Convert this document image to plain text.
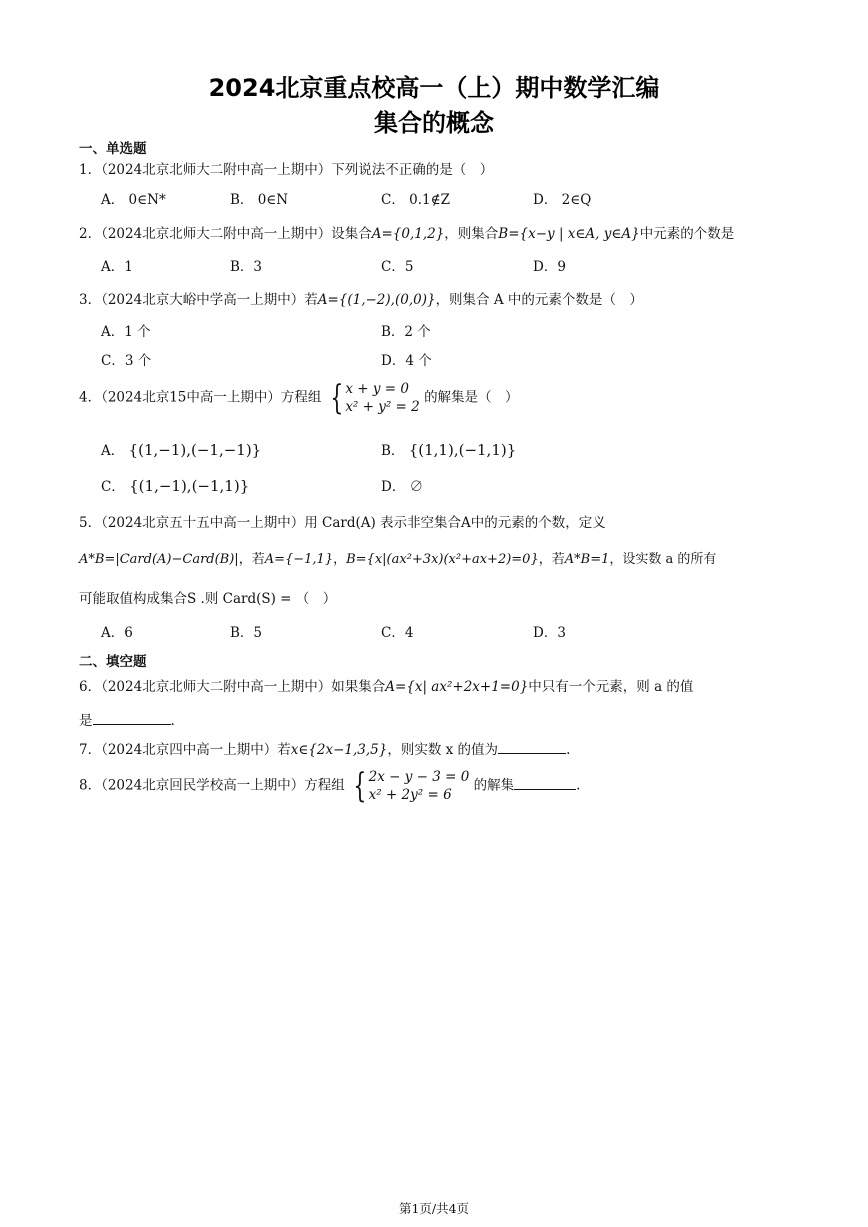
2024北京重点校高一（上）期中数学汇编
集合的概念
一、单选题
1．（2024北京北师大二附中高一上期中）下列说法不正确的是（　）
A． 0∈N*	B． 0∈N	C． 0.1∉Z	D． 2∈Q
2．（2024北京北师大二附中高一上期中）设集合A={0,1,2}，则集合B={x−y | x∈A, y∈A}中元素的个数是
A．1	B．3	C．5	D．9
3．（2024北京大峪中学高一上期中）若A={(1,−2),(0,0)}，则集合 A 中的元素个数是（　）
A．1 个	B．2 个
C．3 个	D．4 个
4．（2024北京15中高一上期中）方程组 { x + y = 0
x² + y² = 2
的解集是（　）
A． {(1,−1),(−1,−1)}	B． {(1,1),(−1,1)}
C． {(1,−1),(−1,1)}	D． ∅
5．（2024北京五十五中高一上期中）用 Card(A) 表示非空集合A中的元素的个数，定义
A*B=|Card(A)−Card(B)|，若A={−1,1}，B={x|(ax²+3x)(x²+ax+2)=0}，若A*B=1，设实数 a 的所有
可能取值构成集合S .则 Card(S) = （　）
A．6	B．5	C．4	D．3
二、填空题
6．（2024北京北师大二附中高一上期中）如果集合A={x| ax²+2x+1=0}中只有一个元素，则 a 的值
是	.
7．（2024北京四中高一上期中）若x∈{2x−1,3,5}，则实数 x 的值为	.
8．（2024北京回民学校高一上期中）方程组 { 2x − y − 3 = 0
x² + 2y² = 6
的解集	.
第1页/共4页
